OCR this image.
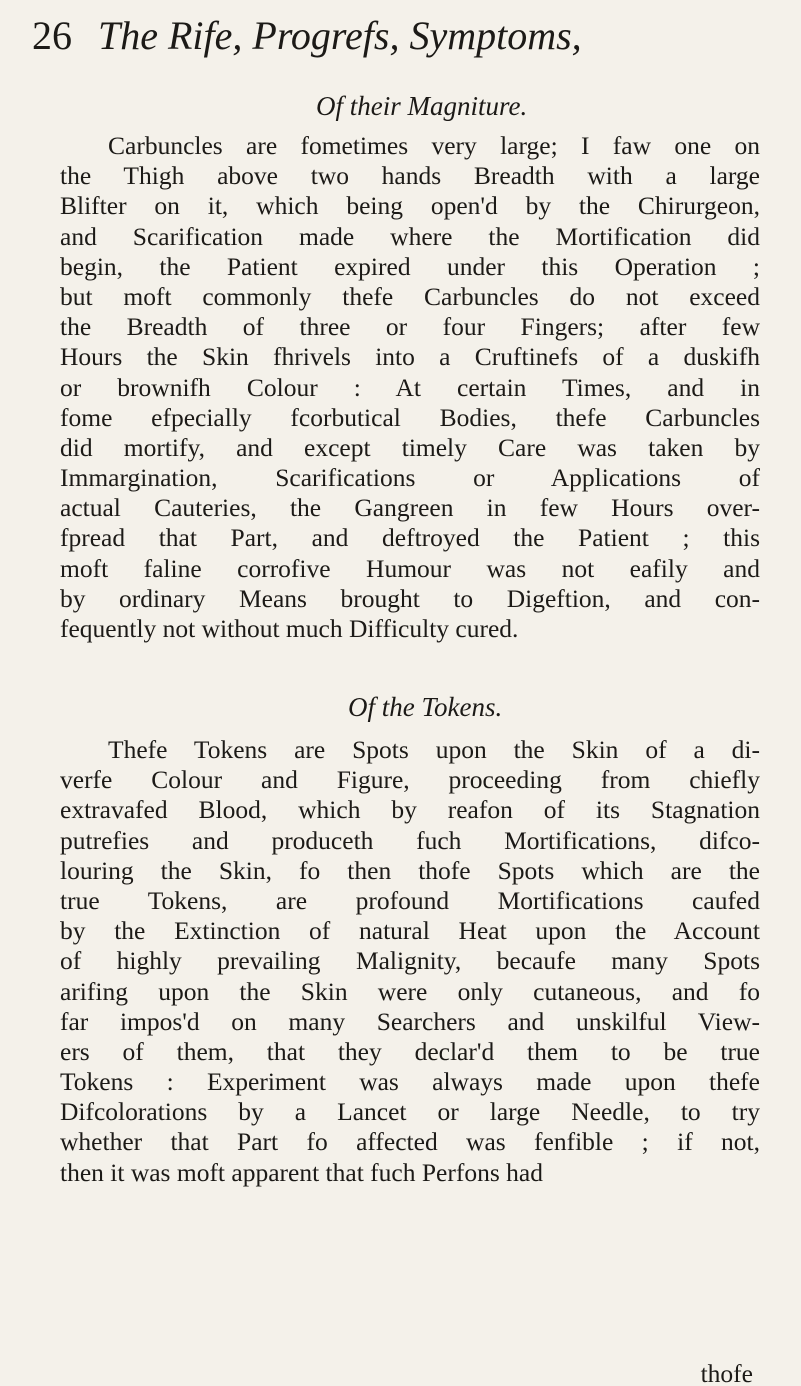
26 The Rife, Progrefs, Symptoms,
Of their Magniture.
Carbuncles are fometimes very large; I faw one on
the Thigh above two hands Breadth with a large
Blifter on it, which being open'd by the Chirurgeon,
and Scarification made where the Mortification did
begin, the Patient expired under this Operation ;
but moft commonly thefe Carbuncles do not exceed
the Breadth of three or four Fingers; after few
Hours the Skin fhrivels into a Cruftinefs of a duskifh
or brownifh Colour : At certain Times, and in
fome efpecially fcorbutical Bodies, thefe Carbuncles
did mortify, and except timely Care was taken by
Immargination, Scarifications or Applications of
actual Cauteries, the Gangreen in few Hours over-
fpread that Part, and deftroyed the Patient ; this
moft faline corrofive Humour was not eafily and
by ordinary Means brought to Digeftion, and con-
fequently not without much Difficulty cured.
Of the Tokens.
Thefe Tokens are Spots upon the Skin of a di-
verfe Colour and Figure, proceeding from chiefly
extravafed Blood, which by reafon of its Stagnation
putrefies and produceth fuch Mortifications, difco-
louring the Skin, fo then thofe Spots which are the
true Tokens, are profound Mortifications caufed
by the Extinction of natural Heat upon the Account
of highly prevailing Malignity, becaufe many Spots
arifing upon the Skin were only cutaneous, and fo
far impos'd on many Searchers and unskilful View-
ers of them, that they declar'd them to be true
Tokens : Experiment was always made upon thefe
Difcolorations by a Lancet or large Needle, to try
whether that Part fo affected was fenfible ; if not,
then it was moft apparent that fuch Perfons had
thofe
